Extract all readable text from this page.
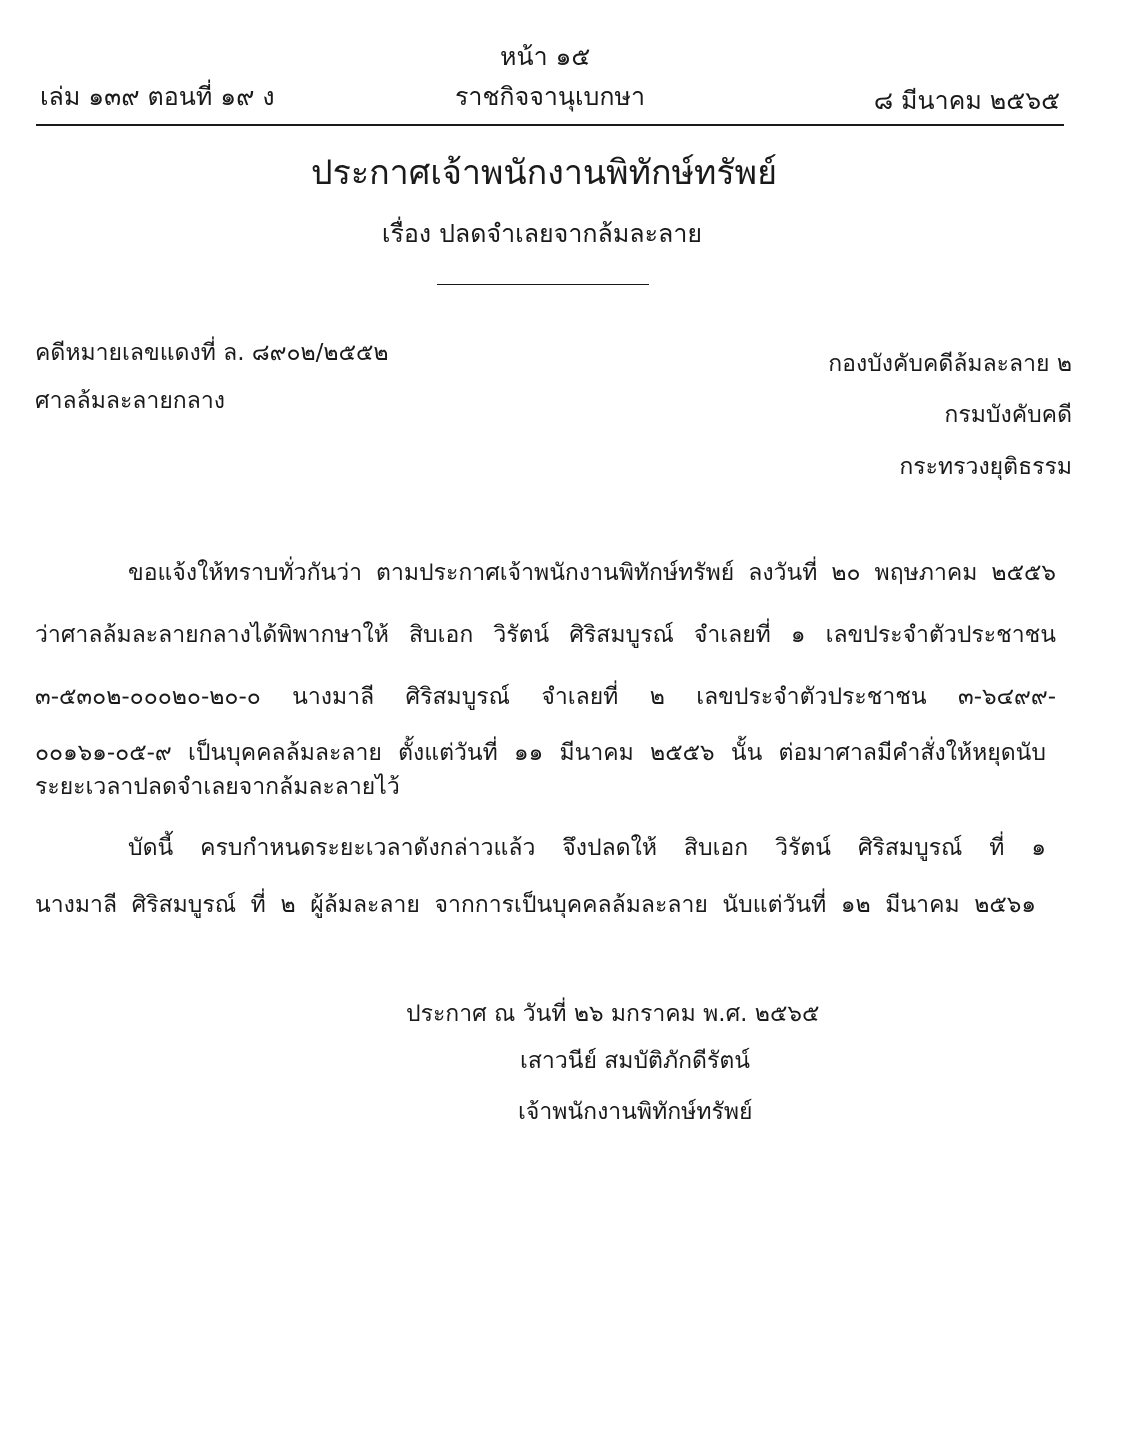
หน้า ๑๕
เล่ม ๑๓๙ ตอนที่ ๑๙ ง	ราชกิจจานุเบกษา	๘ มีนาคม ๒๕๖๕
ประกาศเจ้าพนักงานพิทักษ์ทรัพย์
เรื่อง ปลดจำเลยจากล้มละลาย
คดีหมายเลขแดงที่ ล. ๘๙๐๒/๒๕๕๒
ศาลล้มละลายกลาง
กองบังคับคดีล้มละลาย ๒
กรมบังคับคดี
กระทรวงยุติธรรม
ขอแจ้งให้ทราบทั่วกันว่า ตามประกาศเจ้าพนักงานพิทักษ์ทรัพย์ ลงวันที่ ๒๐ พฤษภาคม ๒๕๕๖
ว่าศาลล้มละลายกลางได้พิพากษาให้ สิบเอก วิรัตน์ ศิริสมบูรณ์ จำเลยที่ ๑ เลขประจำตัวประชาชน
๓-๕๓๐๒-๐๐๐๒๐-๒๐-๐ นางมาลี ศิริสมบูรณ์ จำเลยที่ ๒ เลขประจำตัวประชาชน ๓-๖๔๙๙-
๐๐๑๖๑-๐๕-๙ เป็นบุคคลล้มละลาย ตั้งแต่วันที่ ๑๑ มีนาคม ๒๕๕๖ นั้น ต่อมาศาลมีคำสั่งให้หยุดนับ
ระยะเวลาปลดจำเลยจากล้มละลายไว้
บัดนี้ ครบกำหนดระยะเวลาดังกล่าวแล้ว จึงปลดให้ สิบเอก วิรัตน์ ศิริสมบูรณ์ ที่ ๑
นางมาลี ศิริสมบูรณ์ ที่ ๒ ผู้ล้มละลาย จากการเป็นบุคคลล้มละลาย นับแต่วันที่ ๑๒ มีนาคม ๒๕๖๑
ประกาศ ณ วันที่ ๒๖ มกราคม พ.ศ. ๒๕๖๕
เสาวนีย์ สมบัติภักดีรัตน์
เจ้าพนักงานพิทักษ์ทรัพย์
